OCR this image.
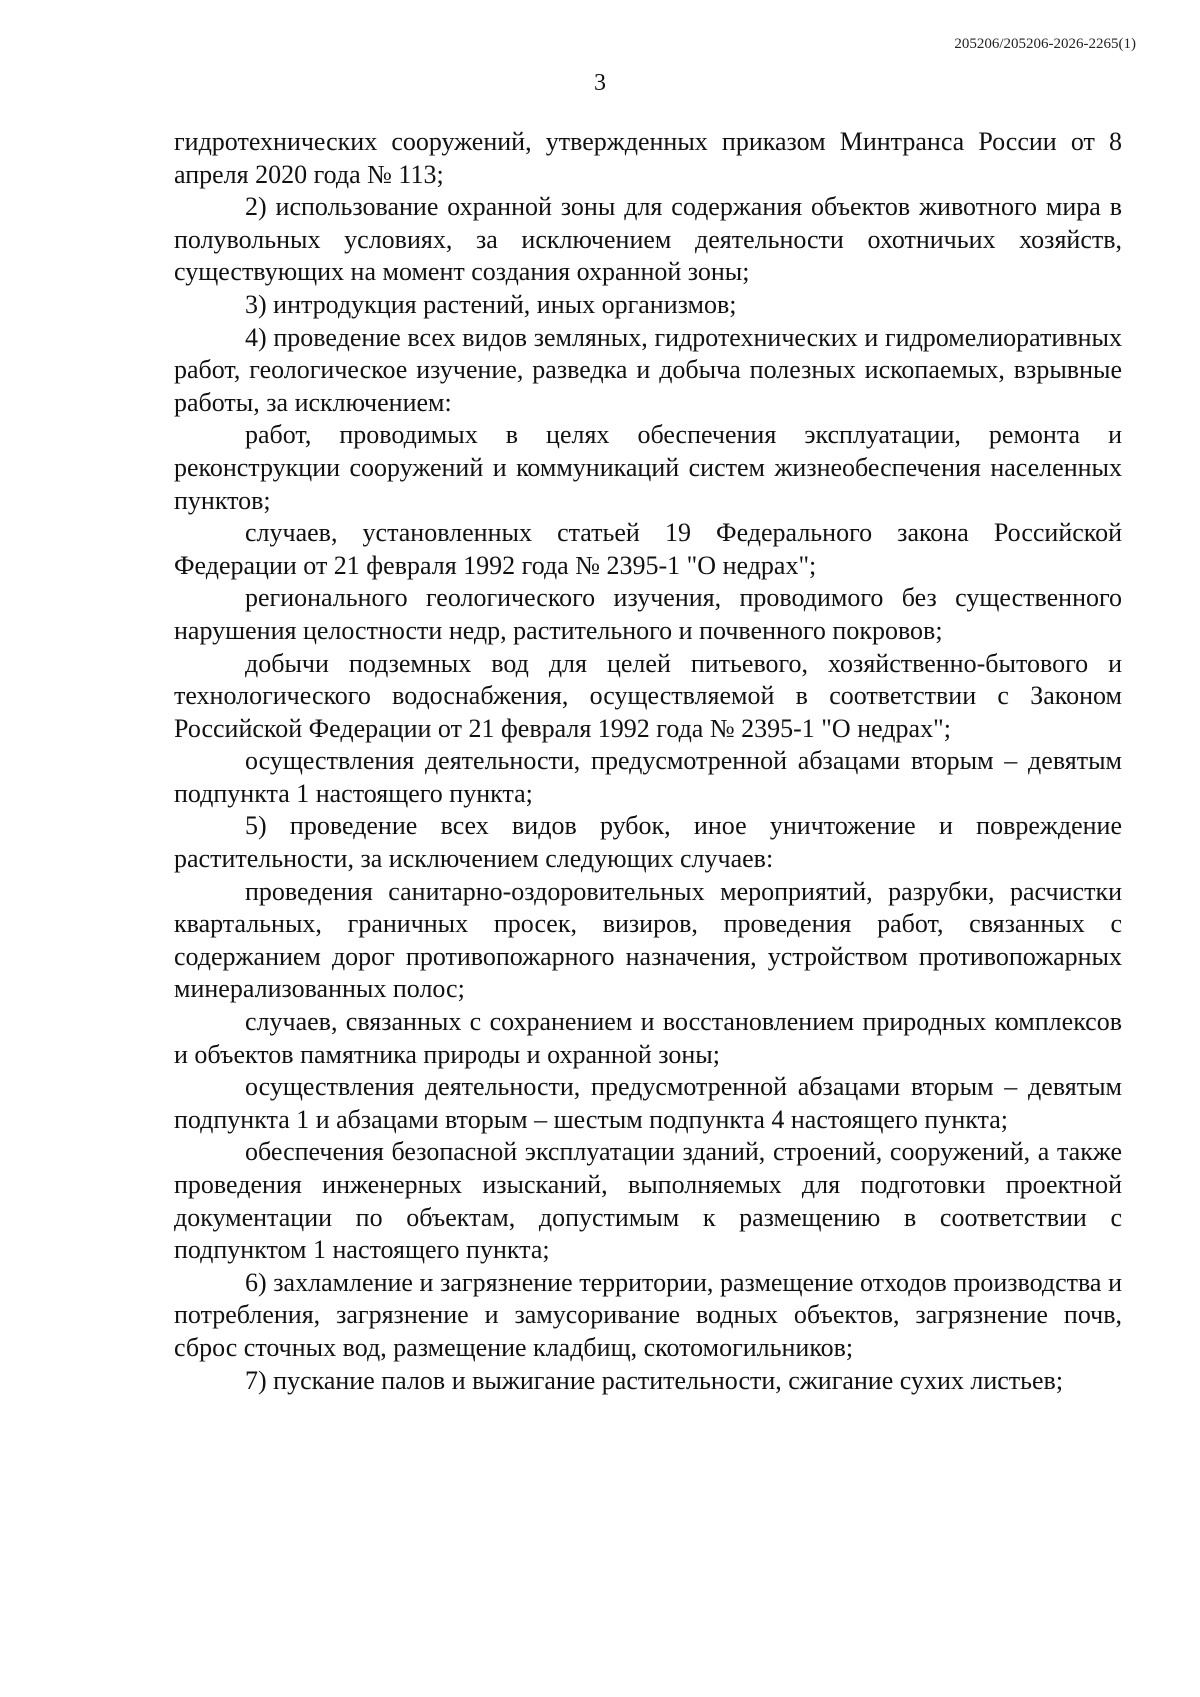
205206/205206-2026-2265(1)
3

гидротехнических сооружений, утвержденных приказом Минтранса России от 8 апреля 2020 года № 113;

2) использование охранной зоны для содержания объектов животного мира в полувольных условиях, за исключением деятельности охотничьих хозяйств, существующих на момент создания охранной зоны;

3) интродукция растений, иных организмов;

4) проведение всех видов земляных, гидротехнических и гидромелиоративных работ, геологическое изучение, разведка и добыча полезных ископаемых, взрывные работы, за исключением:

работ, проводимых в целях обеспечения эксплуатации, ремонта и реконструкции сооружений и коммуникаций систем жизнеобеспечения населенных пунктов;

случаев, установленных статьей 19 Федерального закона Российской Федерации от 21 февраля 1992 года № 2395-1 "О недрах";

регионального геологического изучения, проводимого без существенного нарушения целостности недр, растительного и почвенного покровов;

добычи подземных вод для целей питьевого, хозяйственно-бытового и технологического водоснабжения, осуществляемой в соответствии с Законом Российской Федерации от 21 февраля 1992 года № 2395-1 "О недрах";

осуществления деятельности, предусмотренной абзацами вторым – девятым подпункта 1 настоящего пункта;

5) проведение всех видов рубок, иное уничтожение и повреждение растительности, за исключением следующих случаев:

проведения санитарно-оздоровительных мероприятий, разрубки, расчистки квартальных, граничных просек, визиров, проведения работ, связанных с содержанием дорог противопожарного назначения, устройством противопожарных минерализованных полос;

случаев, связанных с сохранением и восстановлением природных комплексов и объектов памятника природы и охранной зоны;

осуществления деятельности, предусмотренной абзацами вторым – девятым подпункта 1 и абзацами вторым – шестым подпункта 4 настоящего пункта;

обеспечения безопасной эксплуатации зданий, строений, сооружений, а также проведения инженерных изысканий, выполняемых для подготовки проектной документации по объектам, допустимым к размещению в соответствии с подпунктом 1 настоящего пункта;

6) захламление и загрязнение территории, размещение отходов производства и потребления, загрязнение и замусоривание водных объектов, загрязнение почв, сброс сточных вод, размещение кладбищ, скотомогильников;

7) пускание палов и выжигание растительности, сжигание сухих листьев;
